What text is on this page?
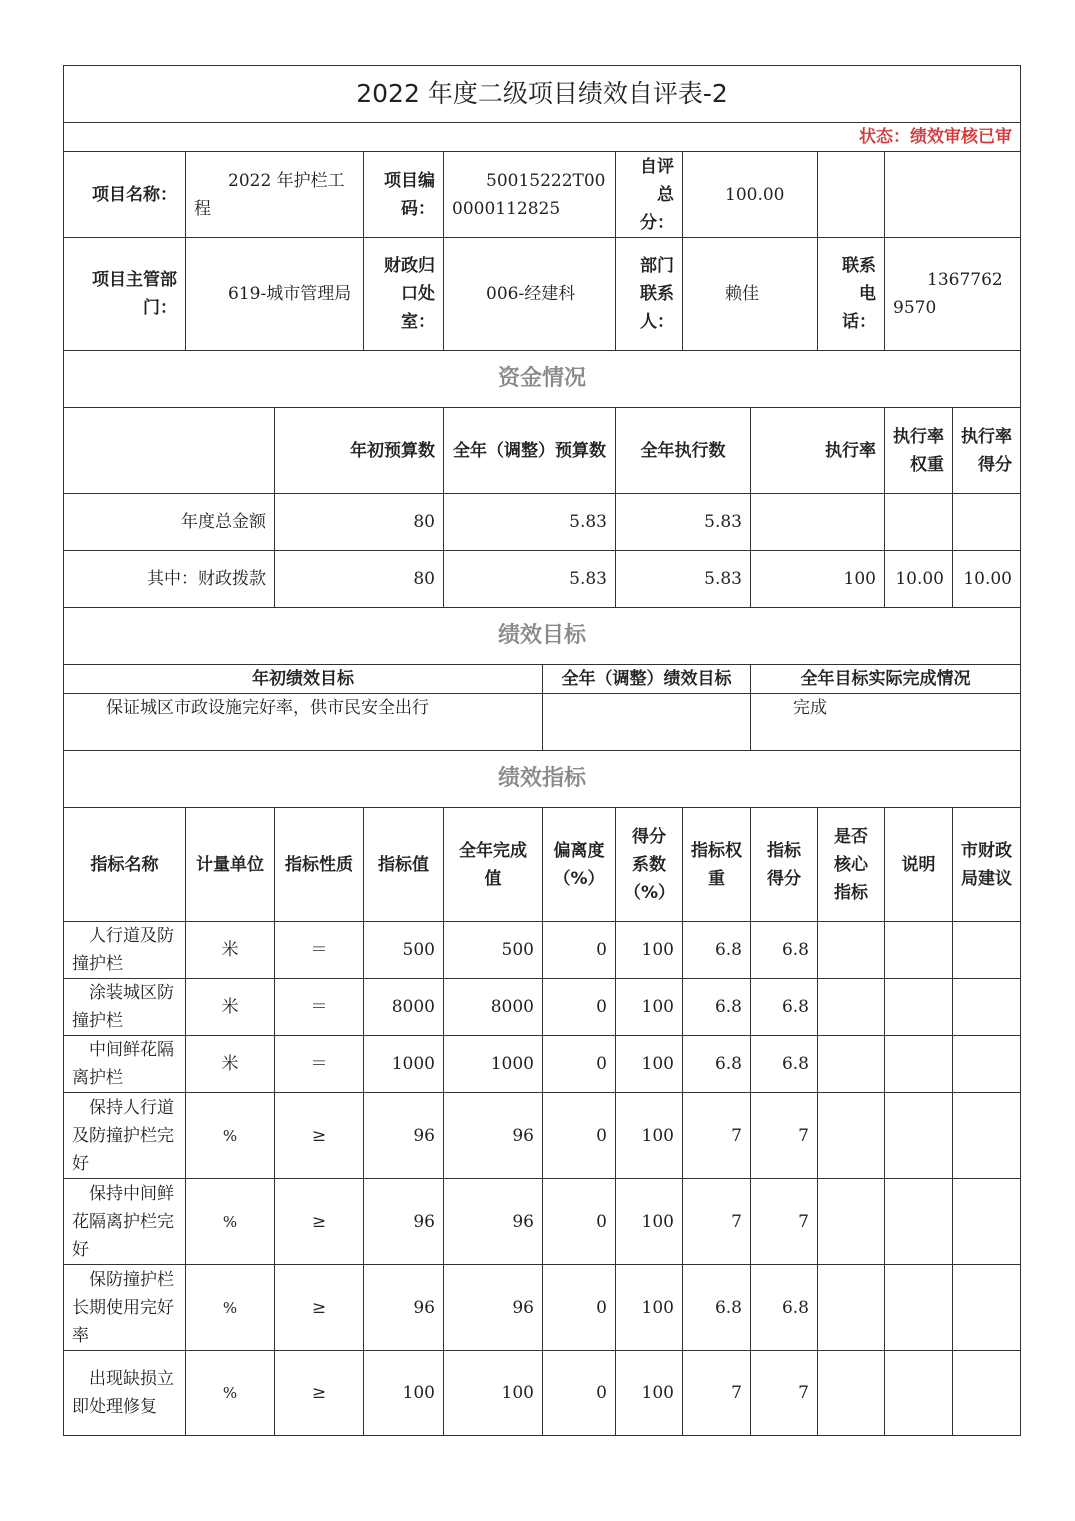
2022 年度二级项目绩效自评表-2											
状态：绩效审核已审											
项目名称：	2022 年护栏工程		项目编码：	50015222T000000112825		自评总分：	100.00				
项目主管部门：	619-城市管理局		财政归口处室：	006-经建科		部门联系人：	赖佳		联系电话：	13677629570	
资金情况											
		年初预算数		全年（调整）预算数		全年执行数		执行率		执行率权重	执行率得分
年度总金额		80		5.83		5.83					
其中：财政拨款		80		5.83		5.83		100		10.00	10.00
绩效目标											
年初绩效目标					全年（调整）绩效目标			全年目标实际完成情况			
保证城区市政设施完好率，供市民安全出行								完成			
绩效指标											
指标名称	计量单位	指标性质	指标值	全年完成值	偏离度（%）	得分系数（%）	指标权重	指标得分	是否核心指标	说明	市财政局建议
人行道及防撞护栏	米	＝	500	500	0	100	6.8	6.8			
涂装城区防撞护栏	米	＝	8000	8000	0	100	6.8	6.8			
中间鲜花隔离护栏	米	＝	1000	1000	0	100	6.8	6.8			
保持人行道及防撞护栏完好	%	≥	96	96	0	100	7	7			
保持中间鲜花隔离护栏完好	%	≥	96	96	0	100	7	7			
保防撞护栏长期使用完好率	%	≥	96	96	0	100	6.8	6.8			
出现缺损立即处理修复	%	≥	100	100	0	100	7	7			
